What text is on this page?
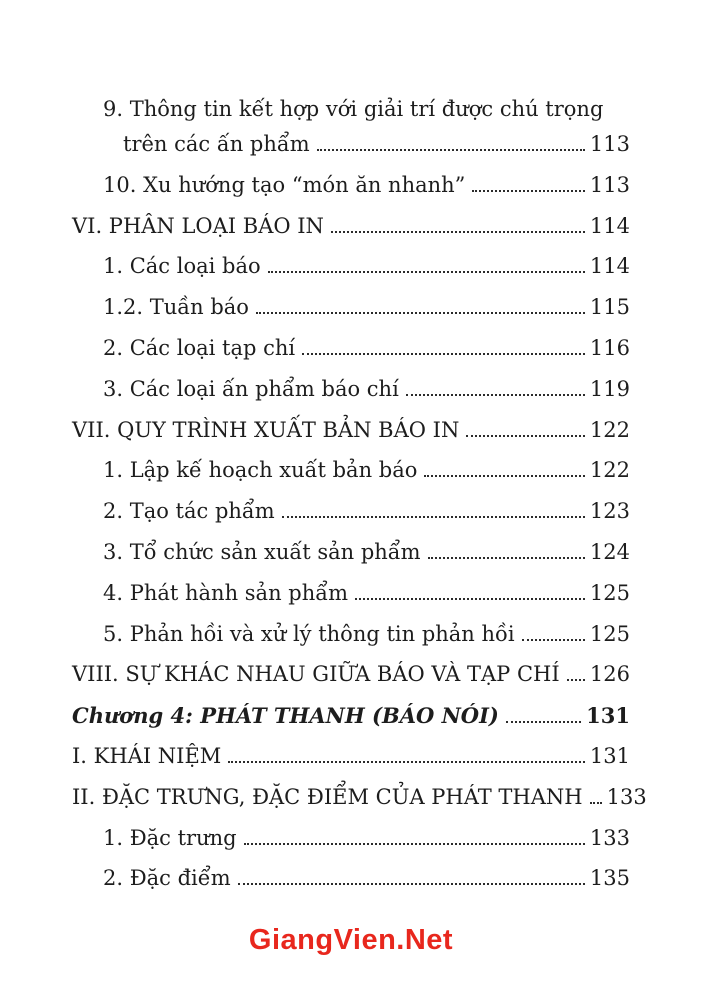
9. Thông tin kết hợp với giải trí được chú trọng
trên các ấn phẩm	113
10. Xu hướng tạo “món ăn nhanh”	113
VI. PHÂN LOẠI BÁO IN	114
1. Các loại báo	114
1.2. Tuần báo	115
2. Các loại tạp chí	116
3. Các loại ấn phẩm báo chí	119
VII. QUY TRÌNH XUẤT BẢN BÁO IN	122
1. Lập kế hoạch xuất bản báo	122
2. Tạo tác phẩm	123
3. Tổ chức sản xuất sản phẩm	124
4. Phát hành sản phẩm	125
5. Phản hồi và xử lý thông tin phản hồi	125
VIII. SỰ KHÁC NHAU GIỮA BÁO VÀ TẠP CHÍ 126
Chương 4: PHÁT THANH (BÁO NÓI)	131
I. KHÁI NIỆM	131
II. ĐẶC TRƯNG, ĐẶC ĐIỂM CỦA PHÁT THANH 133
1. Đặc trưng	133
2. Đặc điểm	135
GiangVien.Net
